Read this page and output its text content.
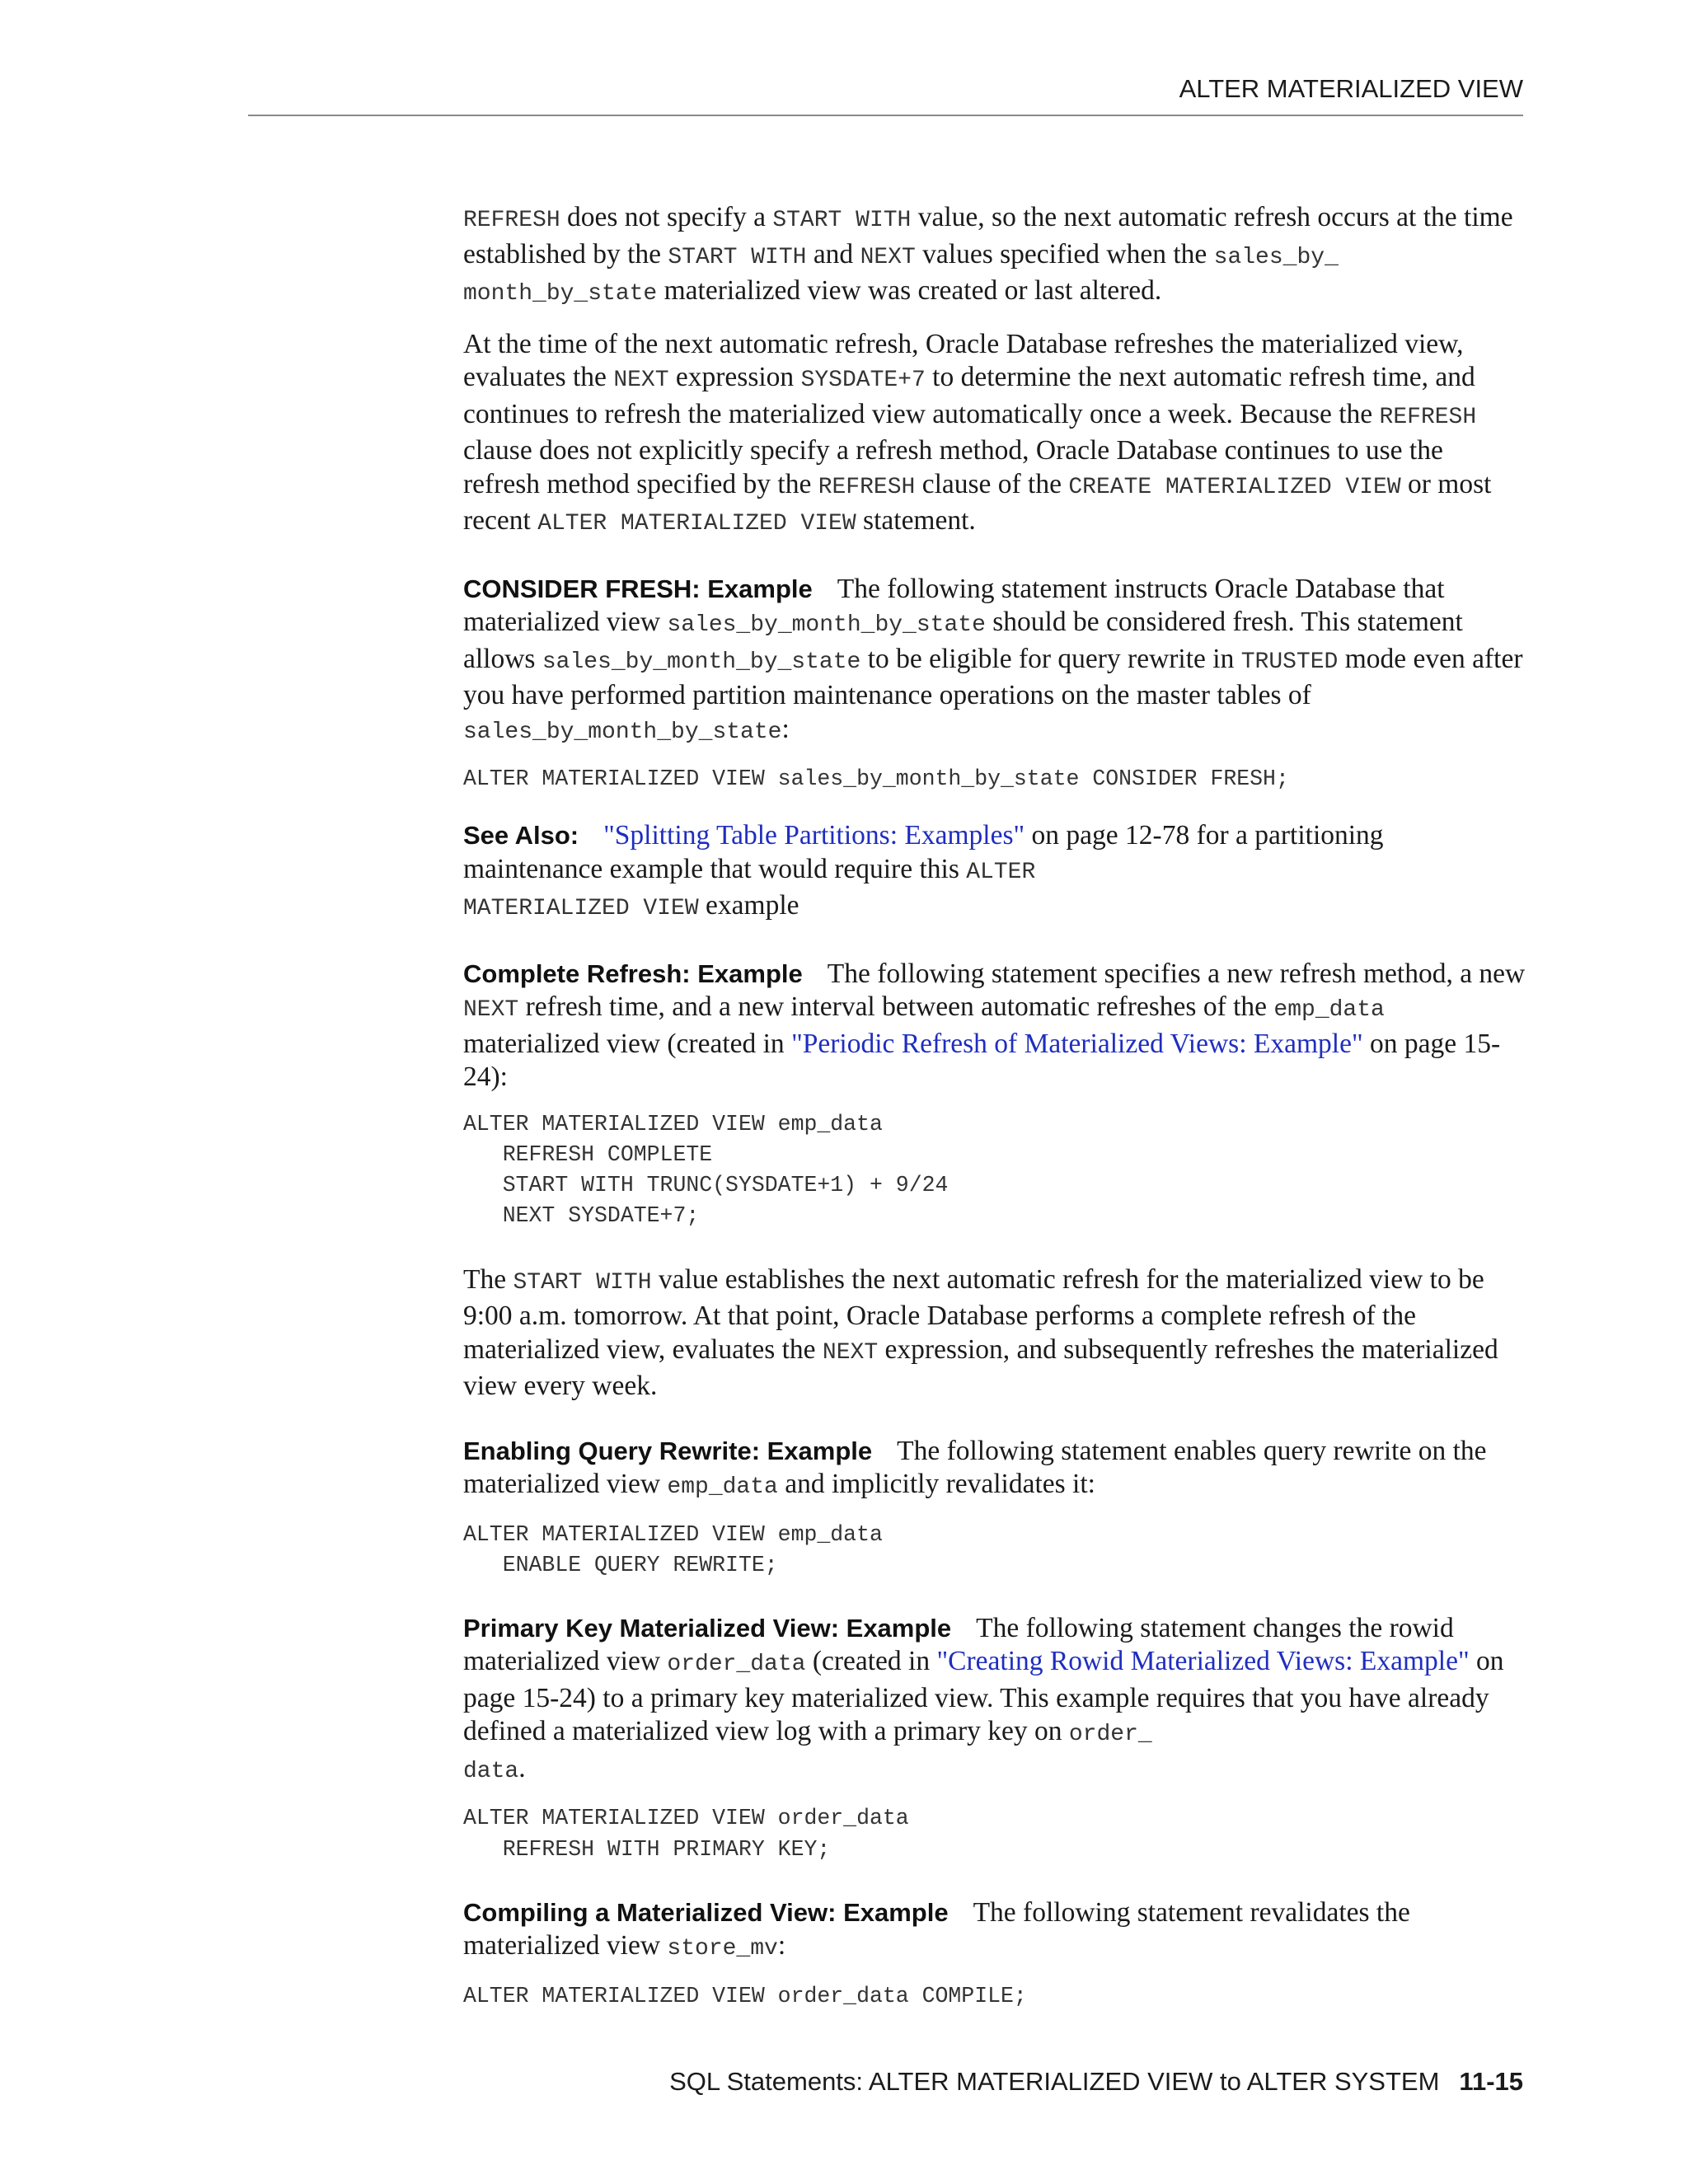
ALTER MATERIALIZED VIEW

REFRESH does not specify a START WITH value, so the next automatic refresh occurs at the time established by the START WITH and NEXT values specified when the sales_by_
month_by_state materialized view was created or last altered.

At the time of the next automatic refresh, Oracle Database refreshes the materialized view, evaluates the NEXT expression SYSDATE+7 to determine the next automatic refresh time, and continues to refresh the materialized view automatically once a week. Because the REFRESH clause does not explicitly specify a refresh method, Oracle Database continues to use the refresh method specified by the REFRESH clause of the CREATE MATERIALIZED VIEW or most recent ALTER MATERIALIZED VIEW statement.

CONSIDER FRESH: Example The following statement instructs Oracle Database that materialized view sales_by_month_by_state should be considered fresh. This statement allows sales_by_month_by_state to be eligible for query rewrite in TRUSTED mode even after you have performed partition maintenance operations on the master tables of sales_by_month_by_state:

ALTER MATERIALIZED VIEW sales_by_month_by_state CONSIDER FRESH;

See Also: "Splitting Table Partitions: Examples" on page 12-78 for a partitioning maintenance example that would require this ALTER
MATERIALIZED VIEW example

Complete Refresh: Example The following statement specifies a new refresh method, a new NEXT refresh time, and a new interval between automatic refreshes of the emp_data materialized view (created in "Periodic Refresh of Materialized Views: Example" on page 15-24):

ALTER MATERIALIZED VIEW emp_data
REFRESH COMPLETE
START WITH TRUNC(SYSDATE+1) + 9/24
NEXT SYSDATE+7;

The START WITH value establishes the next automatic refresh for the materialized view to be 9:00 a.m. tomorrow. At that point, Oracle Database performs a complete refresh of the materialized view, evaluates the NEXT expression, and subsequently refreshes the materialized view every week.

Enabling Query Rewrite: Example The following statement enables query rewrite on the materialized view emp_data and implicitly revalidates it:

ALTER MATERIALIZED VIEW emp_data
ENABLE QUERY REWRITE;

Primary Key Materialized View: Example The following statement changes the rowid materialized view order_data (created in "Creating Rowid Materialized Views: Example" on page 15-24) to a primary key materialized view. This example requires that you have already defined a materialized view log with a primary key on order_
data.

ALTER MATERIALIZED VIEW order_data
REFRESH WITH PRIMARY KEY;

Compiling a Materialized View: Example The following statement revalidates the materialized view store_mv:

ALTER MATERIALIZED VIEW order_data COMPILE;
SQL Statements: ALTER MATERIALIZED VIEW to ALTER SYSTEM 11-15
